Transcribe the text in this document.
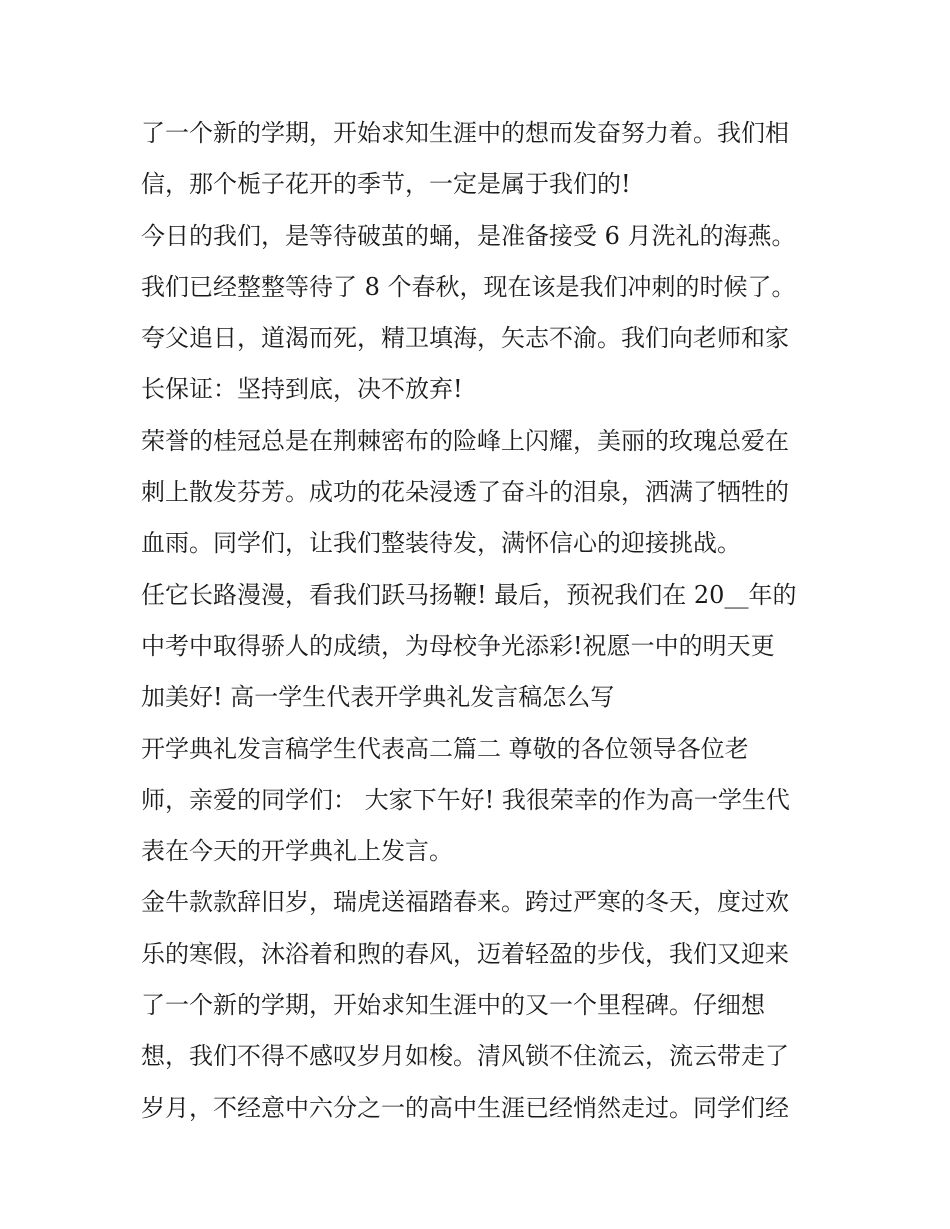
了一个新的学期，开始求知生涯中的想而发奋努力着。我们相
信，那个栀子花开的季节，一定是属于我们的!
今日的我们，是等待破茧的蛹，是准备接受 6 月洗礼的海燕。
我们已经整整等待了 8 个春秋，现在该是我们冲刺的时候了。
夸父追日，道渴而死，精卫填海，矢志不渝。我们向老师和家
长保证：坚持到底，决不放弃!
荣誉的桂冠总是在荆棘密布的险峰上闪耀，美丽的玫瑰总爱在
刺上散发芬芳。成功的花朵浸透了奋斗的泪泉，洒满了牺牲的
血雨。同学们，让我们整装待发，满怀信心的迎接挑战。
任它长路漫漫，看我们跃马扬鞭! 最后，预祝我们在 20__年的
中考中取得骄人的成绩，为母校争光添彩!祝愿一中的明天更
加美好! 高一学生代表开学典礼发言稿怎么写
开学典礼发言稿学生代表高二篇二 尊敬的各位领导各位老
师，亲爱的同学们： 大家下午好! 我很荣幸的作为高一学生代
表在今天的开学典礼上发言。
金牛款款辞旧岁，瑞虎送福踏春来。跨过严寒的冬天，度过欢
乐的寒假，沐浴着和煦的春风，迈着轻盈的步伐，我们又迎来
了一个新的学期，开始求知生涯中的又一个里程碑。仔细想
想，我们不得不感叹岁月如梭。清风锁不住流云，流云带走了
岁月，不经意中六分之一的高中生涯已经悄然走过。同学们经
